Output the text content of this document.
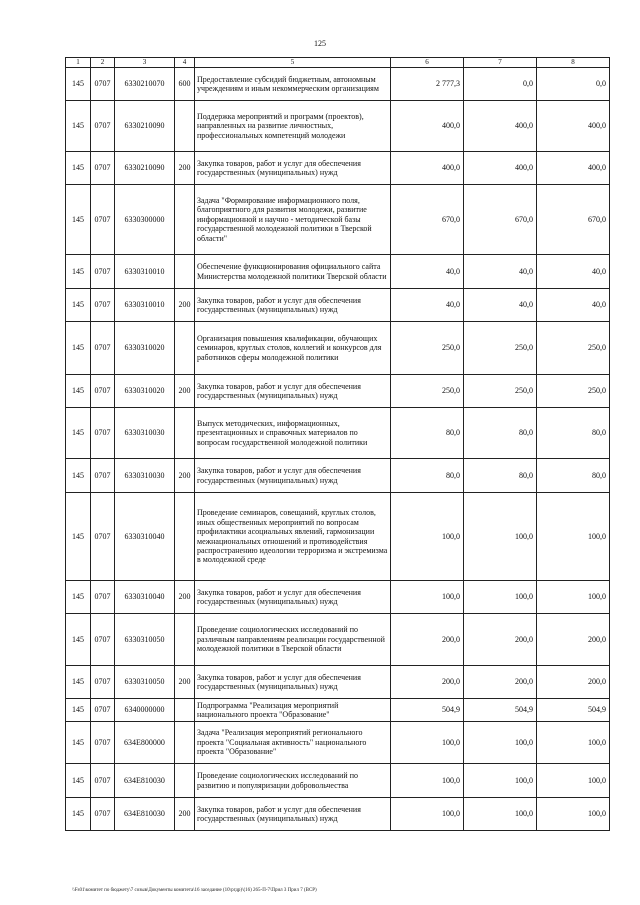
125
1	2	3	4	5	6	7	8
145	0707	6330210070	600	Предоставление субсидий бюджетным, автономным учреждениям и иным некоммерческим организациям	2 777,3	0,0	0,0
145	0707	6330210090		Поддержка мероприятий и программ (проектов), направленных на развитие личностных, профессиональных компетенций молодежи	400,0	400,0	400,0
145	0707	6330210090	200	Закупка товаров, работ и услуг для обеспечения государственных (муниципальных) нужд	400,0	400,0	400,0
145	0707	6330300000		Задача "Формирование информационного поля, благоприятного для развития молодежи, развитие информационной и научно - методической базы государственной молодежной политики в Тверской области"	670,0	670,0	670,0
145	0707	6330310010		Обеспечение функционирования официального сайта Министерства молодежной политики Тверской области	40,0	40,0	40,0
145	0707	6330310010	200	Закупка товаров, работ и услуг для обеспечения государственных (муниципальных) нужд	40,0	40,0	40,0
145	0707	6330310020		Организация повышения квалификации, обучающих семинаров, круглых столов, коллегий и конкурсов для работников сферы молодежной политики	250,0	250,0	250,0
145	0707	6330310020	200	Закупка товаров, работ и услуг для обеспечения государственных (муниципальных) нужд	250,0	250,0	250,0
145	0707	6330310030		Выпуск методических, информационных, презентационных и справочных материалов по вопросам государственной молодежной политики	80,0	80,0	80,0
145	0707	6330310030	200	Закупка товаров, работ и услуг для обеспечения государственных (муниципальных) нужд	80,0	80,0	80,0
145	0707	6330310040		Проведение семинаров, совещаний, круглых столов, иных общественных мероприятий по вопросам профилактики асоциальных явлений, гармонизации межнациональных отношений и противодействия распространению идеологии терроризма и экстремизма в молодежной среде	100,0	100,0	100,0
145	0707	6330310040	200	Закупка товаров, работ и услуг для обеспечения государственных (муниципальных) нужд	100,0	100,0	100,0
145	0707	6330310050		Проведение социологических исследований по различным направлениям реализации государственной молодежной политики в Тверской области	200,0	200,0	200,0
145	0707	6330310050	200	Закупка товаров, работ и услуг для обеспечения государственных (муниципальных) нужд	200,0	200,0	200,0
145	0707	6340000000		Подпрограмма "Реализация мероприятий национального проекта "Образование"	504,9	504,9	504,9
145	0707	634E800000		Задача "Реализация мероприятий регионального проекта "Социальная активность" национального проекта "Образование"	100,0	100,0	100,0
145	0707	634E810030		Проведение социологических исследований по развитию и популяризации добровольчества	100,0	100,0	100,0
145	0707	634E810030	200	Закупка товаров, работ и услуг для обеспечения государственных (муниципальных) нужд	100,0	100,0	100,0
\\Fs01\комитет по бюджету\7 созыв\Документы комитета\16 заседание (10\ргдр)\(16) 265-П-7\Прил 3 Прил 7 (ВСР)
